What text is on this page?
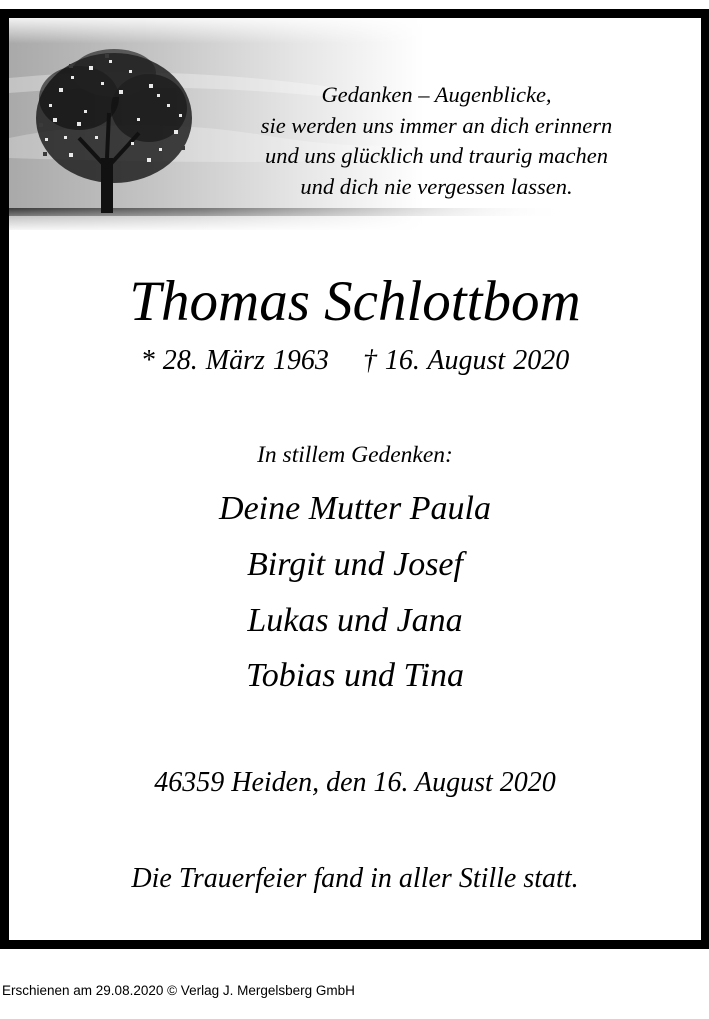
Gedanken – Augenblicke,
sie werden uns immer an dich erinnern
und uns glücklich und traurig machen
und dich nie vergessen lassen.
Thomas Schlottbom
* 28. März 1963 † 16. August 2020
In stillem Gedenken:
Deine Mutter Paula
Birgit und Josef
Lukas und Jana
Tobias und Tina
46359 Heiden, den 16. August 2020
Die Trauerfeier fand in aller Stille statt.
Erschienen am 29.08.2020 © Verlag J. Mergelsberg GmbH
